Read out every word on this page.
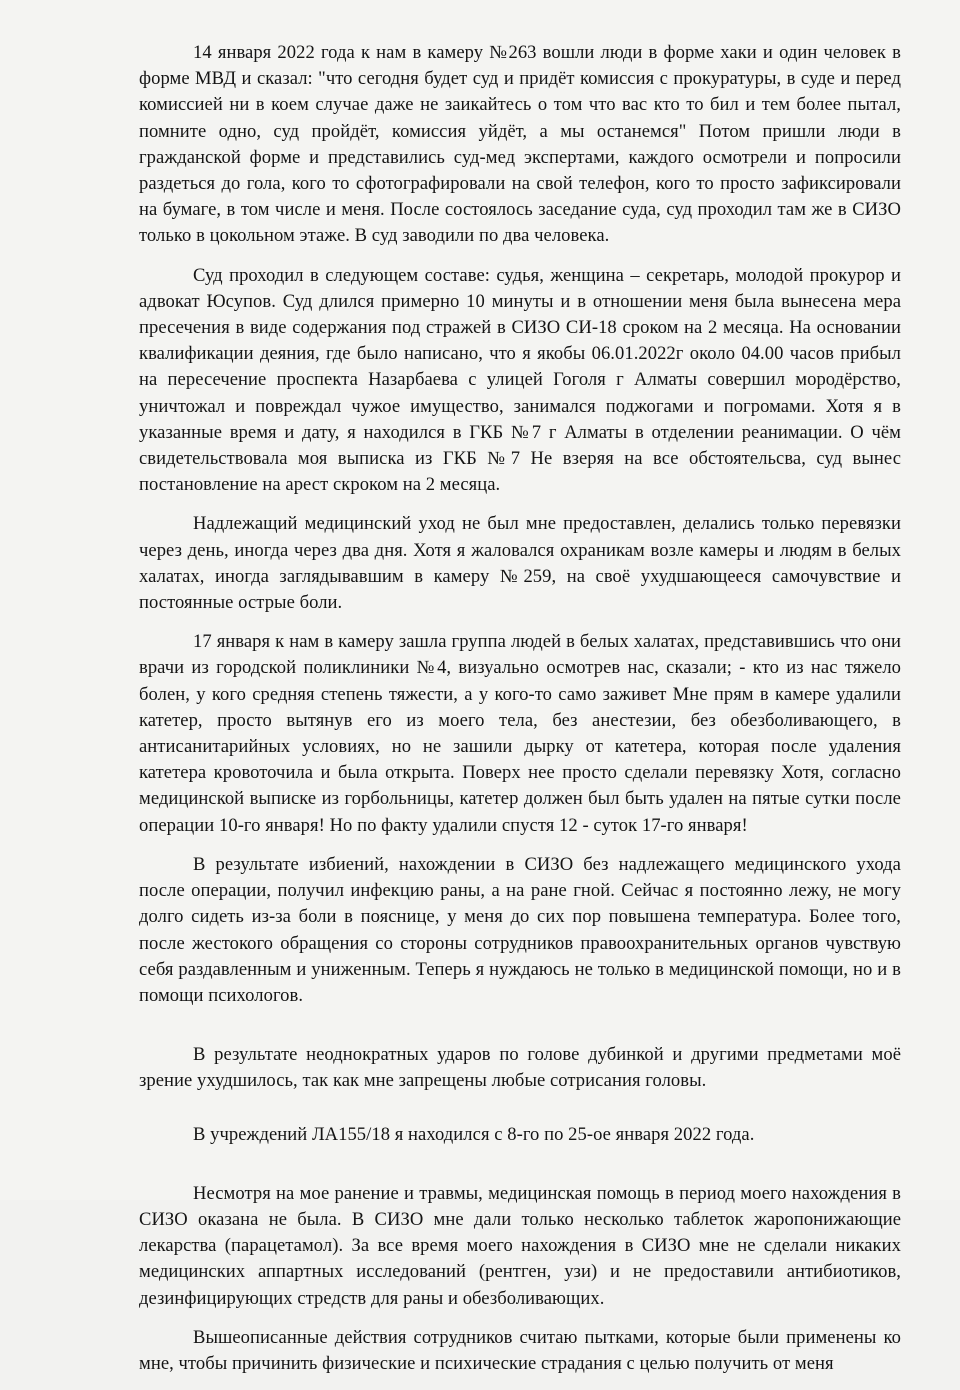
14 января 2022 года к нам в камеру №263 вошли люди в форме хаки и один человек в форме МВД и сказал: "что сегодня будет суд и придёт комиссия с прокуратуры, в суде и перед комиссией ни в коем случае даже не заикайтесь о том что вас кто то бил и тем более пытал, помните одно, суд пройдёт, комиссия уйдёт, а мы останемся" Потом пришли люди в гражданской форме и представились суд-мед экспертами, каждого осмотрели и попросили раздеться до гола, кого то сфотографировали на свой телефон, кого то просто зафиксировали на бумаге, в том числе и меня. После состоялось заседание суда, суд проходил там же в СИЗО только в цокольном этаже. В суд заводили по два человека.

Суд проходил в следующем составе: судья, женщина – секретарь, молодой прокурор и адвокат Юсупов. Суд длился примерно 10 минуты и в отношении меня была вынесена мера пресечения в виде содержания под стражей в СИЗО СИ-18 сроком на 2 месяца. На основании квалификации деяния, где было написано, что я якобы 06.01.2022г около 04.00 часов прибыл на пересечение проспекта Назарбаева с улицей Гоголя г Алматы совершил мородёрство, уничтожал и повреждал чужое имущество, занимался поджогами и погромами. Хотя я в указанные время и дату, я находился в ГКБ №7 г Алматы в отделении реанимации. О чём свидетельствовала моя выписка из ГКБ №7 Не взеряя на все обстоятельсва, суд вынес постановление на арест скроком на 2 месяца.

Надлежащий медицинский уход не был мне предоставлен, делались только перевязки через день, иногда через два дня. Хотя я жаловался охраникам возле камеры и людям в белых халатах, иногда заглядывавшим в камеру №259, на своё ухудшающееся самочувствие и постоянные острые боли.

17 января к нам в камеру зашла группа людей в белых халатах, представившись что они врачи из городской поликлиники №4, визуально осмотрев нас, сказали; - кто из нас тяжело болен, у кого средняя степень тяжести, а у кого-то само заживет Мне прям в камере удалили катетер, просто вытянув его из моего тела, без анестезии, без обезболивающего, в антисанитарийных условиях, но не зашили дырку от катетера, которая после удаления катетера кровоточила и была открыта. Поверх нее просто сделали перевязку Хотя, согласно медицинской выписке из горбольницы, катетер должен был быть удален на пятые сутки после операции 10-го января! Но по факту удалили спустя 12 - суток 17-го января!

В результате избиений, нахождении в СИЗО без надлежащего медицинского ухода после операции, получил инфекцию раны, а на ране гной. Сейчас я постоянно лежу, не могу долго сидеть из-за боли в пояснице, у меня до сих пор повышена температура. Более того, после жестокого обращения со стороны сотрудников правоохранительных органов чувствую себя раздавленным и униженным. Теперь я нуждаюсь не только в медицинской помощи, но и в помощи психологов.

В результате неоднократных ударов по голове дубинкой и другими предметами моё зрение ухудшилось, так как мне запрещены любые сотрисания головы.

В учреждений ЛА155/18 я находился с 8-го по 25-ое января 2022 года.

Несмотря на мое ранение и травмы, медицинская помощь в период моего нахождения в СИЗО оказана не была. В СИЗО мне дали только несколько таблеток жаропонижающие лекарства (парацетамол). За все время моего нахождения в СИЗО мне не сделали никаких медицинских аппартных исследований (рентген, узи) и не предоставили антибиотиков, дезинфицирующих стредств для раны и обезболивающих.

Вышеописанные действия сотрудников считаю пытками, которые были применены ко мне, чтобы причинить физические и психические страдания с целью получить от меня
